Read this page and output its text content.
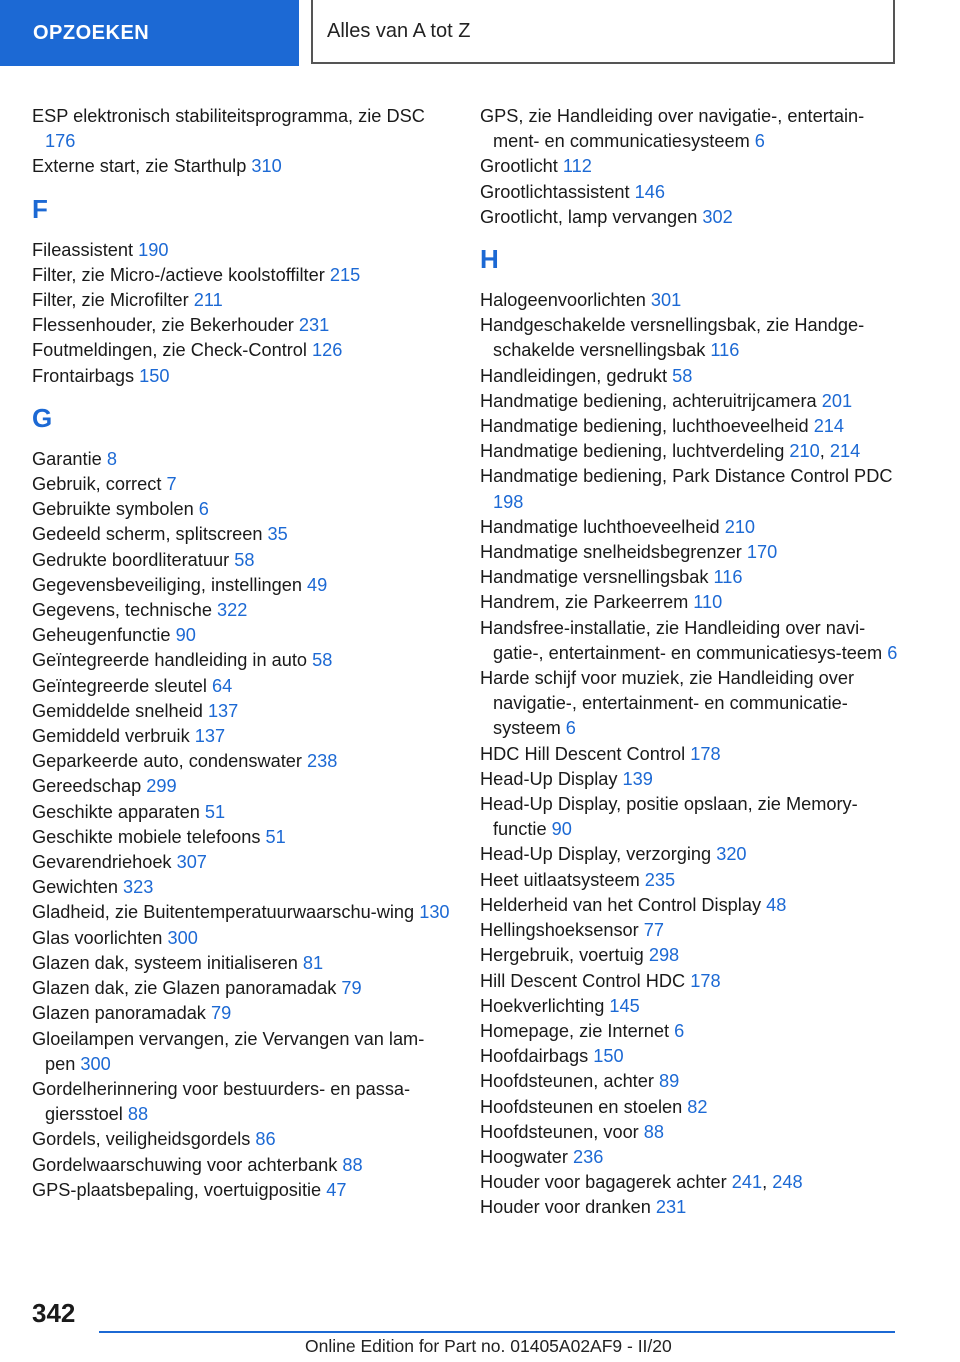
OPZOEKEN	Alles van A tot Z
ESP elektronisch stabiliteitsprogramma, zie DSC 176
Externe start, zie Starthulp 310
F
Fileassistent 190
Filter, zie Micro-/actieve koolstoffilter 215
Filter, zie Microfilter 211
Flessenhouder, zie Bekerhouder 231
Foutmeldingen, zie Check-Control 126
Frontairbags 150
G
Garantie 8
Gebruik, correct 7
Gebruikte symbolen 6
Gedeeld scherm, splitscreen 35
Gedrukte boordliteratuur 58
Gegevensbeveiliging, instellingen 49
Gegevens, technische 322
Geheugenfunctie 90
Geïntegreerde handleiding in auto 58
Geïntegreerde sleutel 64
Gemiddelde snelheid 137
Gemiddeld verbruik 137
Geparkeerde auto, condenswater 238
Gereedschap 299
Geschikte apparaten 51
Geschikte mobiele telefoons 51
Gevarendriehoek 307
Gewichten 323
Gladheid, zie Buitentemperatuurwaarschu-wing 130
Glas voorlichten 300
Glazen dak, systeem initialiseren 81
Glazen dak, zie Glazen panoramadak 79
Glazen panoramadak 79
Gloeilampen vervangen, zie Vervangen van lam-pen 300
Gordelherinnering voor bestuurders- en passa-giersstoel 88
Gordels, veiligheidsgordels 86
Gordelwaarschuwing voor achterbank 88
GPS-plaatsbepaling, voertuigpositie 47
GPS, zie Handleiding over navigatie-, entertain-ment- en communicatiesysteem 6
Grootlicht 112
Grootlichtassistent 146
Grootlicht, lamp vervangen 302
H
Halogeenvoorlichten 301
Handgeschakelde versnellingsbak, zie Handge-schakelde versnellingsbak 116
Handleidingen, gedrukt 58
Handmatige bediening, achteruitrijcamera 201
Handmatige bediening, luchthoeveelheid 214
Handmatige bediening, luchtverdeling 210, 214
Handmatige bediening, Park Distance Control PDC 198
Handmatige luchthoeveelheid 210
Handmatige snelheidsbegrenzer 170
Handmatige versnellingsbak 116
Handrem, zie Parkeerrem 110
Handsfree-installatie, zie Handleiding over navi-gatie-, entertainment- en communicatiesys-teem 6
Harde schijf voor muziek, zie Handleiding over navigatie-, entertainment- en communicatie-systeem 6
HDC Hill Descent Control 178
Head-Up Display 139
Head-Up Display, positie opslaan, zie Memory-functie 90
Head-Up Display, verzorging 320
Heet uitlaatsysteem 235
Helderheid van het Control Display 48
Hellingshoeksensor 77
Hergebruik, voertuig 298
Hill Descent Control HDC 178
Hoekverlichting 145
Homepage, zie Internet 6
Hoofdairbags 150
Hoofdsteunen, achter 89
Hoofdsteunen en stoelen 82
Hoofdsteunen, voor 88
Hoogwater 236
Houder voor bagagerek achter 241, 248
Houder voor dranken 231
342
Online Edition for Part no. 01405A02AF9 - II/20
